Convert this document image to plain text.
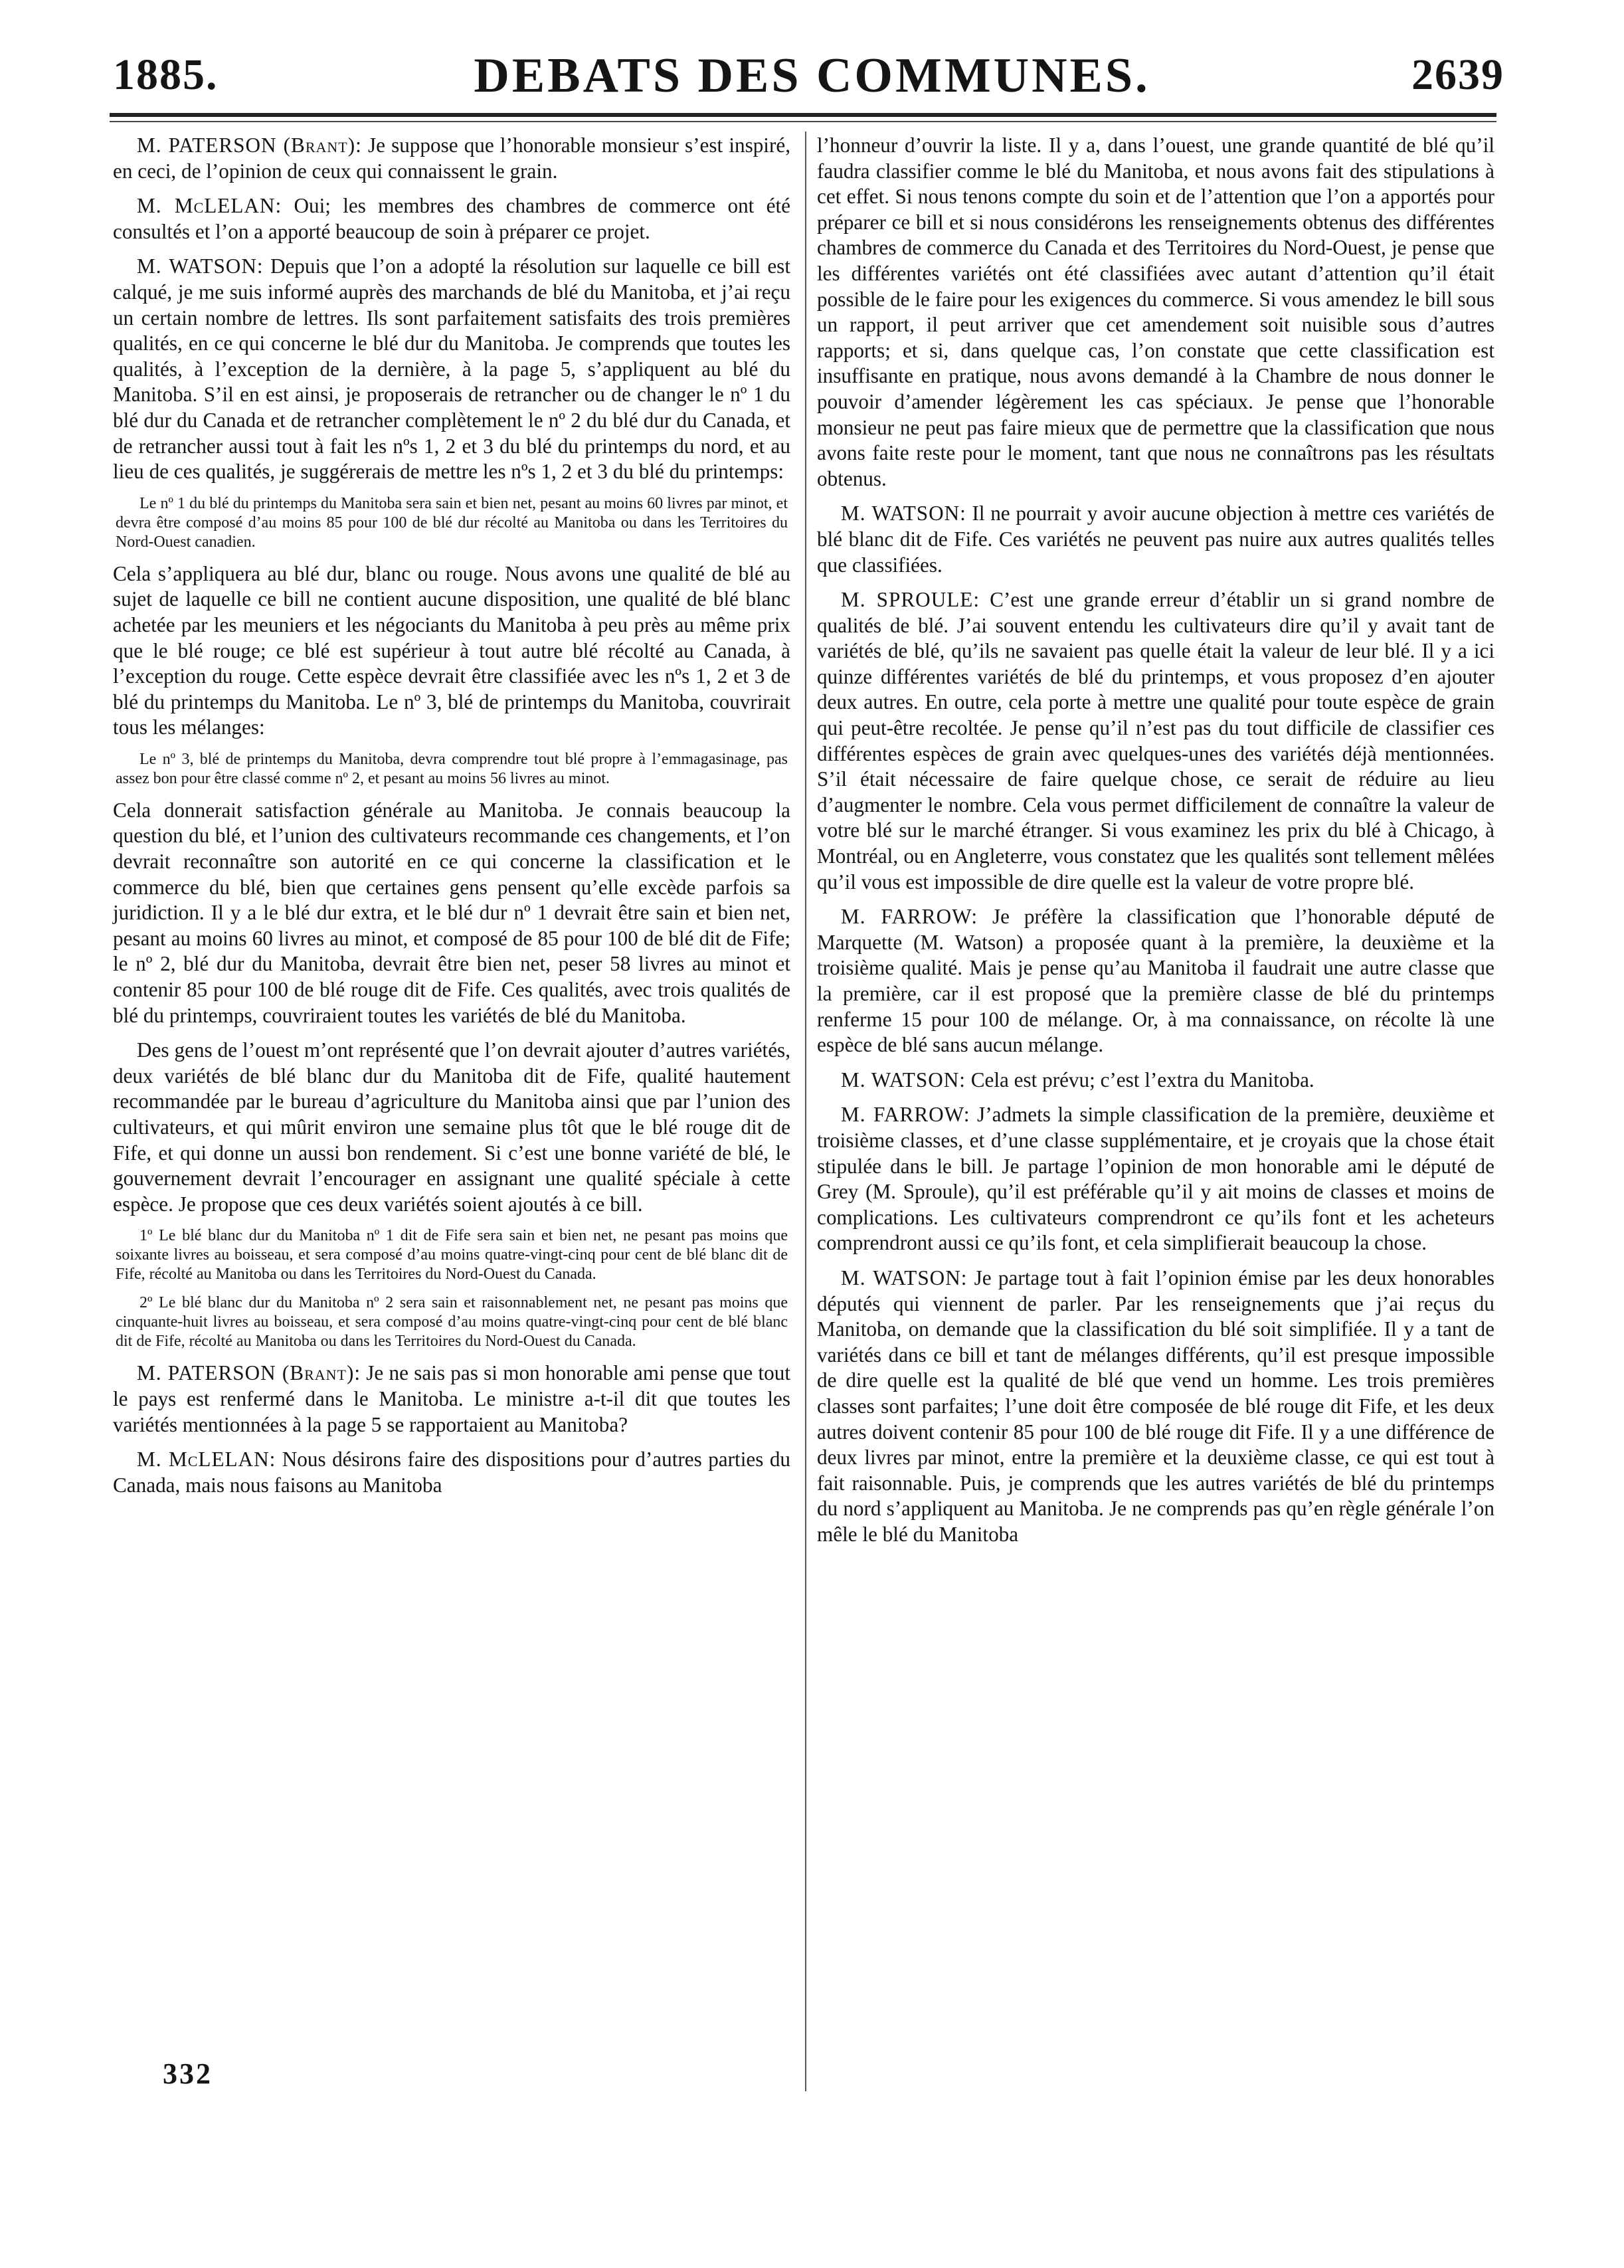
1885.	DEBATS DES COMMUNES.	2639

M. PATERSON (Brant): Je suppose que l’honorable monsieur s’est inspiré, en ceci, de l’opinion de ceux qui connaissent le grain.

M. McLELAN: Oui; les membres des chambres de commerce ont été consultés et l’on a apporté beaucoup de soin à préparer ce projet.

M. WATSON: Depuis que l’on a adopté la résolution sur laquelle ce bill est calqué, je me suis informé auprès des marchands de blé du Manitoba, et j’ai reçu un certain nombre de lettres. Ils sont parfaitement satisfaits des trois premières qualités, en ce qui concerne le blé dur du Manitoba. Je comprends que toutes les qualités, à l’exception de la dernière, à la page 5, s’appliquent au blé du Manitoba. S’il en est ainsi, je proposerais de retrancher ou de changer le nº 1 du blé dur du Canada et de retrancher complètement le nº 2 du blé dur du Canada, et de retrancher aussi tout à fait les nºs 1, 2 et 3 du blé du printemps du nord, et au lieu de ces qualités, je suggérerais de mettre les nºs 1, 2 et 3 du blé du printemps:

Le nº 1 du blé du printemps du Manitoba sera sain et bien net, pesant au moins 60 livres par minot, et devra être composé d’au moins 85 pour 100 de blé dur récolté au Manitoba ou dans les Territoires du Nord-Ouest canadien.

Cela s’appliquera au blé dur, blanc ou rouge. Nous avons une qualité de blé au sujet de laquelle ce bill ne contient aucune disposition, une qualité de blé blanc achetée par les meuniers et les négociants du Manitoba à peu près au même prix que le blé rouge; ce blé est supérieur à tout autre blé récolté au Canada, à l’exception du rouge. Cette espèce devrait être classifiée avec les nºs 1, 2 et 3 de blé du printemps du Manitoba. Le nº 3, blé de printemps du Manitoba, couvrirait tous les mélanges:

Le nº 3, blé de printemps du Manitoba, devra comprendre tout blé propre à l’emmagasinage, pas assez bon pour être classé comme nº 2, et pesant au moins 56 livres au minot.

Cela donnerait satisfaction générale au Manitoba. Je connais beaucoup la question du blé, et l’union des cultivateurs recommande ces changements, et l’on devrait reconnaître son autorité en ce qui concerne la classification et le commerce du blé, bien que certaines gens pensent qu’elle excède parfois sa juridiction. Il y a le blé dur extra, et le blé dur nº 1 devrait être sain et bien net, pesant au moins 60 livres au minot, et composé de 85 pour 100 de blé dit de Fife; le nº 2, blé dur du Manitoba, devrait être bien net, peser 58 livres au minot et contenir 85 pour 100 de blé rouge dit de Fife. Ces qualités, avec trois qualités de blé du printemps, couvriraient toutes les variétés de blé du Manitoba.

Des gens de l’ouest m’ont représenté que l’on devrait ajouter d’autres variétés, deux variétés de blé blanc dur du Manitoba dit de Fife, qualité hautement recommandée par le bureau d’agriculture du Manitoba ainsi que par l’union des cultivateurs, et qui mûrit environ une semaine plus tôt que le blé rouge dit de Fife, et qui donne un aussi bon rendement. Si c’est une bonne variété de blé, le gouvernement devrait l’encourager en assignant une qualité spéciale à cette espèce. Je propose que ces deux variétés soient ajoutés à ce bill.

1º Le blé blanc dur du Manitoba nº 1 dit de Fife sera sain et bien net, ne pesant pas moins que soixante livres au boisseau, et sera composé d’au moins quatre-vingt-cinq pour cent de blé blanc dit de Fife, récolté au Manitoba ou dans les Territoires du Nord-Ouest du Canada.

2º Le blé blanc dur du Manitoba nº 2 sera sain et raisonnablement net, ne pesant pas moins que cinquante-huit livres au boisseau, et sera composé d’au moins quatre-vingt-cinq pour cent de blé blanc dit de Fife, récolté au Manitoba ou dans les Territoires du Nord-Ouest du Canada.

M. PATERSON (Brant): Je ne sais pas si mon honorable ami pense que tout le pays est renfermé dans le Manitoba. Le ministre a-t-il dit que toutes les variétés mentionnées à la page 5 se rapportaient au Manitoba?

M. McLELAN: Nous désirons faire des dispositions pour d’autres parties du Canada, mais nous faisons au Manitoba

l’honneur d’ouvrir la liste. Il y a, dans l’ouest, une grande quantité de blé qu’il faudra classifier comme le blé du Manitoba, et nous avons fait des stipulations à cet effet. Si nous tenons compte du soin et de l’attention que l’on a apportés pour préparer ce bill et si nous considérons les renseignements obtenus des différentes chambres de commerce du Canada et des Territoires du Nord-Ouest, je pense que les différentes variétés ont été classifiées avec autant d’attention qu’il était possible de le faire pour les exigences du commerce. Si vous amendez le bill sous un rapport, il peut arriver que cet amendement soit nuisible sous d’autres rapports; et si, dans quelque cas, l’on constate que cette classification est insuffisante en pratique, nous avons demandé à la Chambre de nous donner le pouvoir d’amender légèrement les cas spéciaux. Je pense que l’honorable monsieur ne peut pas faire mieux que de permettre que la classification que nous avons faite reste pour le moment, tant que nous ne connaîtrons pas les résultats obtenus.

M. WATSON: Il ne pourrait y avoir aucune objection à mettre ces variétés de blé blanc dit de Fife. Ces variétés ne peuvent pas nuire aux autres qualités telles que classifiées.

M. SPROULE: C’est une grande erreur d’établir un si grand nombre de qualités de blé. J’ai souvent entendu les cultivateurs dire qu’il y avait tant de variétés de blé, qu’ils ne savaient pas quelle était la valeur de leur blé. Il y a ici quinze différentes variétés de blé du printemps, et vous proposez d’en ajouter deux autres. En outre, cela porte à mettre une qualité pour toute espèce de grain qui peut-être recoltée. Je pense qu’il n’est pas du tout difficile de classifier ces différentes espèces de grain avec quelques-unes des variétés déjà mentionnées. S’il était nécessaire de faire quelque chose, ce serait de réduire au lieu d’augmenter le nombre. Cela vous permet difficilement de connaître la valeur de votre blé sur le marché étranger. Si vous examinez les prix du blé à Chicago, à Montréal, ou en Angleterre, vous constatez que les qualités sont tellement mêlées qu’il vous est impossible de dire quelle est la valeur de votre propre blé.

M. FARROW: Je préfère la classification que l’honorable député de Marquette (M. Watson) a proposée quant à la première, la deuxième et la troisième qualité. Mais je pense qu’au Manitoba il faudrait une autre classe que la première, car il est proposé que la première classe de blé du printemps renferme 15 pour 100 de mélange. Or, à ma connaissance, on récolte là une espèce de blé sans aucun mélange.

M. WATSON: Cela est prévu; c’est l’extra du Manitoba.

M. FARROW: J’admets la simple classification de la première, deuxième et troisième classes, et d’une classe supplémentaire, et je croyais que la chose était stipulée dans le bill. Je partage l’opinion de mon honorable ami le député de Grey (M. Sproule), qu’il est préférable qu’il y ait moins de classes et moins de complications. Les cultivateurs comprendront ce qu’ils font et les acheteurs comprendront aussi ce qu’ils font, et cela simplifierait beaucoup la chose.

M. WATSON: Je partage tout à fait l’opinion émise par les deux honorables députés qui viennent de parler. Par les renseignements que j’ai reçus du Manitoba, on demande que la classification du blé soit simplifiée. Il y a tant de variétés dans ce bill et tant de mélanges différents, qu’il est presque impossible de dire quelle est la qualité de blé que vend un homme. Les trois premières classes sont parfaites; l’une doit être composée de blé rouge dit Fife, et les deux autres doivent contenir 85 pour 100 de blé rouge dit Fife. Il y a une différence de deux livres par minot, entre la première et la deuxième classe, ce qui est tout à fait raisonnable. Puis, je comprends que les autres variétés de blé du printemps du nord s’appliquent au Manitoba. Je ne comprends pas qu’en règle générale l’on mêle le blé du Manitoba

332
